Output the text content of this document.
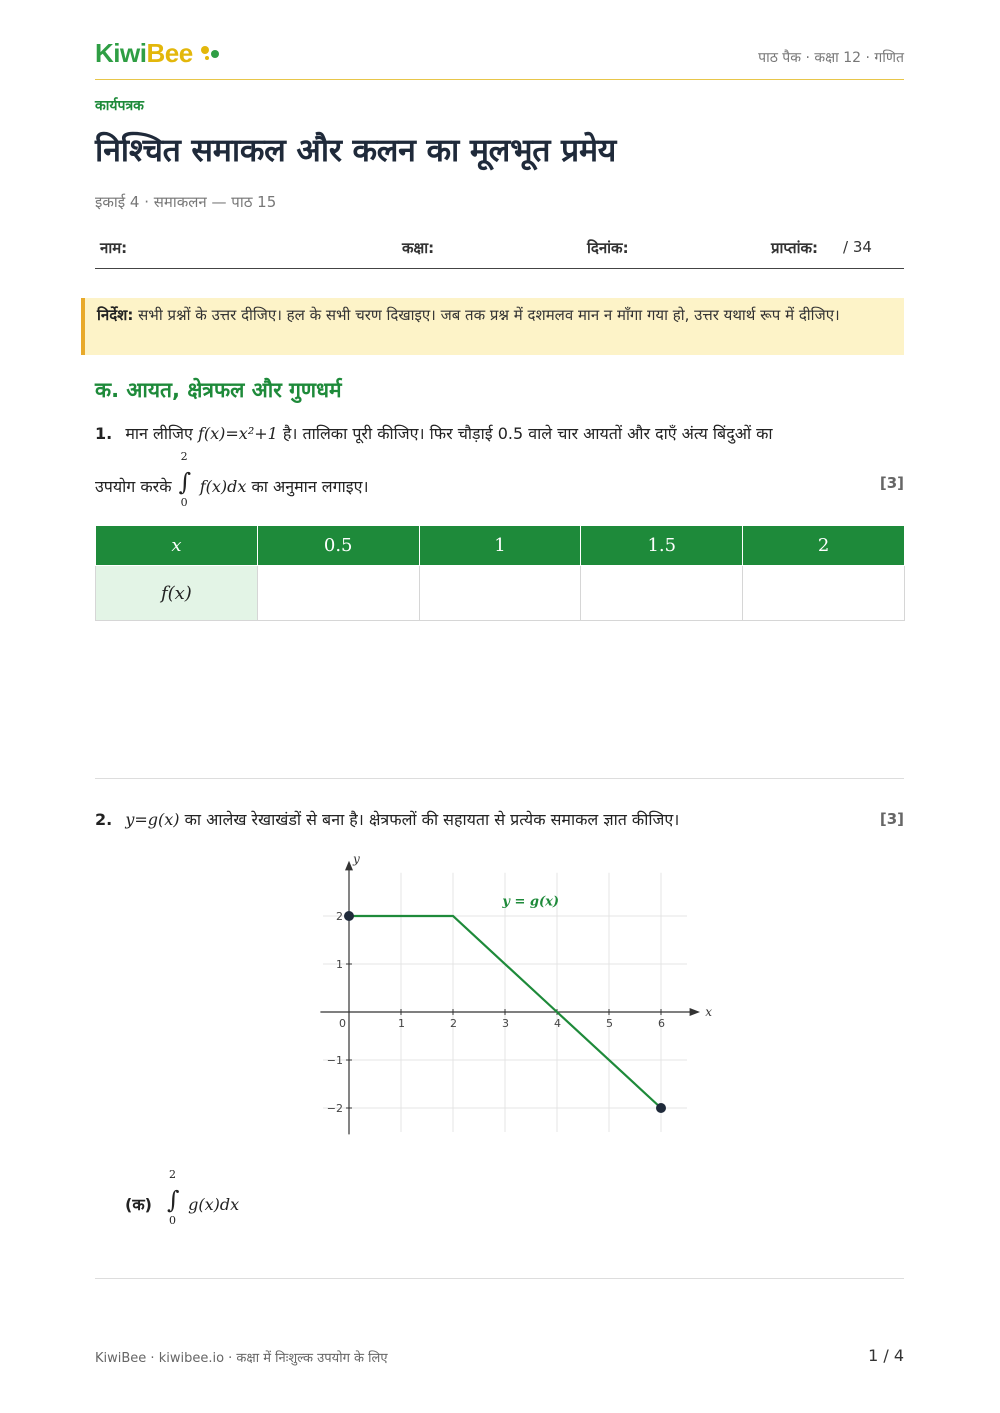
KiwiBee	पाठ पैक · कक्षा 12 · गणित
कार्यपत्रक
निश्चित समाकल और कलन का मूलभूत प्रमेय
इकाई 4 · समाकलन — पाठ 15
नाम:	कक्षा:	दिनांक:	प्राप्तांक: / 34
निर्देश: सभी प्रश्नों के उत्तर दीजिए। हल के सभी चरण दिखाइए। जब तक प्रश्न में दशमलव मान न माँगा गया हो, उत्तर यथार्थ रूप में दीजिए।
क. आयत, क्षेत्रफल और गुणधर्म
1. मान लीजिए f(x)=x²+1 है। तालिका पूरी कीजिए। फिर चौड़ाई 0.5 वाले चार आयतों और दाएँ अंत्य बिंदुओं का
उपयोग करके
2
∫
0
f(x)dx का अनुमान लगाइए।	[3]
x	0.5	1	1.5	2
f(x)				
2. y=g(x) का आलेख रेखाखंडों से बना है। क्षेत्रफलों की सहायता से प्रत्येक समाकल ज्ञात कीजिए।	[3]
x
y
0	1	2	3	4	5	6
−2
−1
1
2
y = g(x)
(क)
2
∫
0
g(x)dx
KiwiBee · kiwibee.io · कक्षा में निःशुल्क उपयोग के लिए	1 / 4
